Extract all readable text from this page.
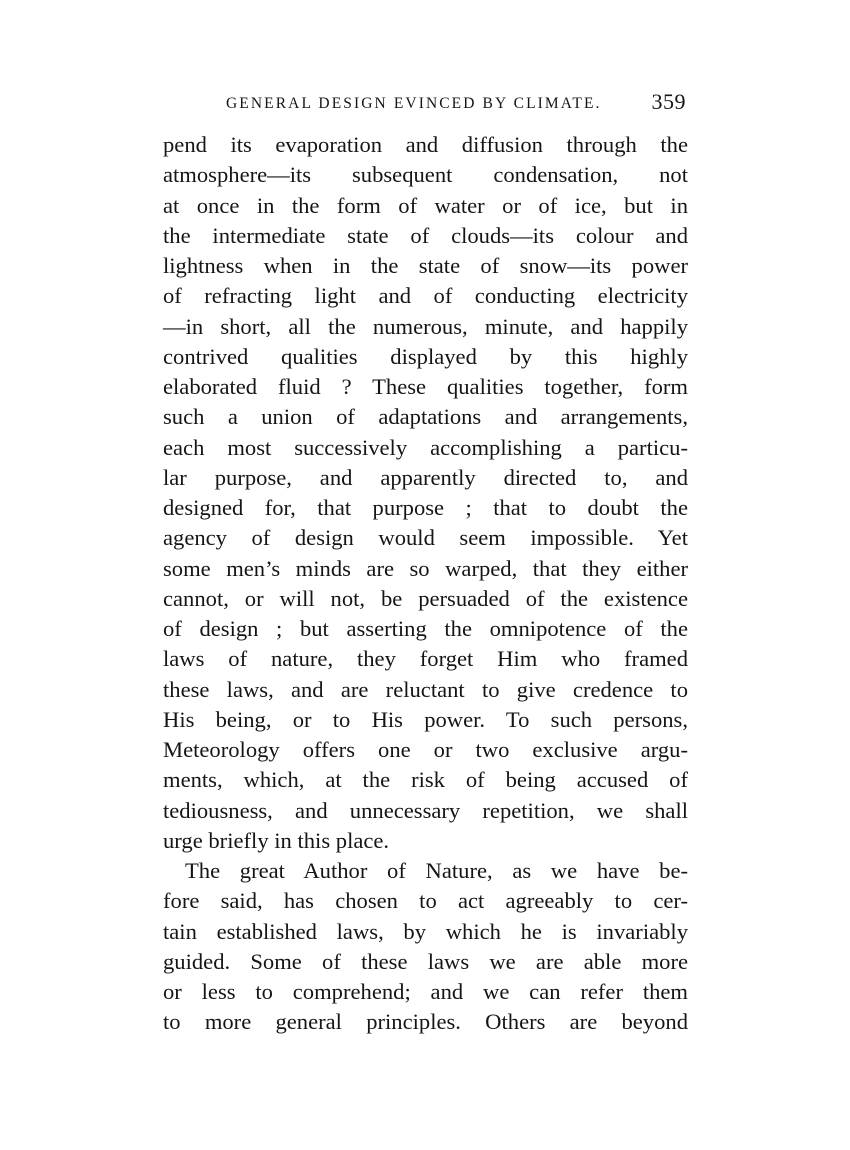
GENERAL DESIGN EVINCED BY CLIMATE. 359
pend its evaporation and diffusion through the
atmosphere—its subsequent condensation, not
at once in the form of water or of ice, but in
the intermediate state of clouds—its colour and
lightness when in the state of snow—its power
of refracting light and of conducting electricity
—in short, all the numerous, minute, and happily
contrived qualities displayed by this highly
elaborated fluid ? These qualities together, form
such a union of adaptations and arrangements,
each most successively accomplishing a particu-
lar purpose, and apparently directed to, and
designed for, that purpose ; that to doubt the
agency of design would seem impossible. Yet
some men’s minds are so warped, that they either
cannot, or will not, be persuaded of the existence
of design ; but asserting the omnipotence of the
laws of nature, they forget Him who framed
these laws, and are reluctant to give credence to
His being, or to His power. To such persons,
Meteorology offers one or two exclusive argu-
ments, which, at the risk of being accused of
tediousness, and unnecessary repetition, we shall
urge briefly in this place.
The great Author of Nature, as we have be-
fore said, has chosen to act agreeably to cer-
tain established laws, by which he is invariably
guided. Some of these laws we are able more
or less to comprehend; and we can refer them
to more general principles. Others are beyond
